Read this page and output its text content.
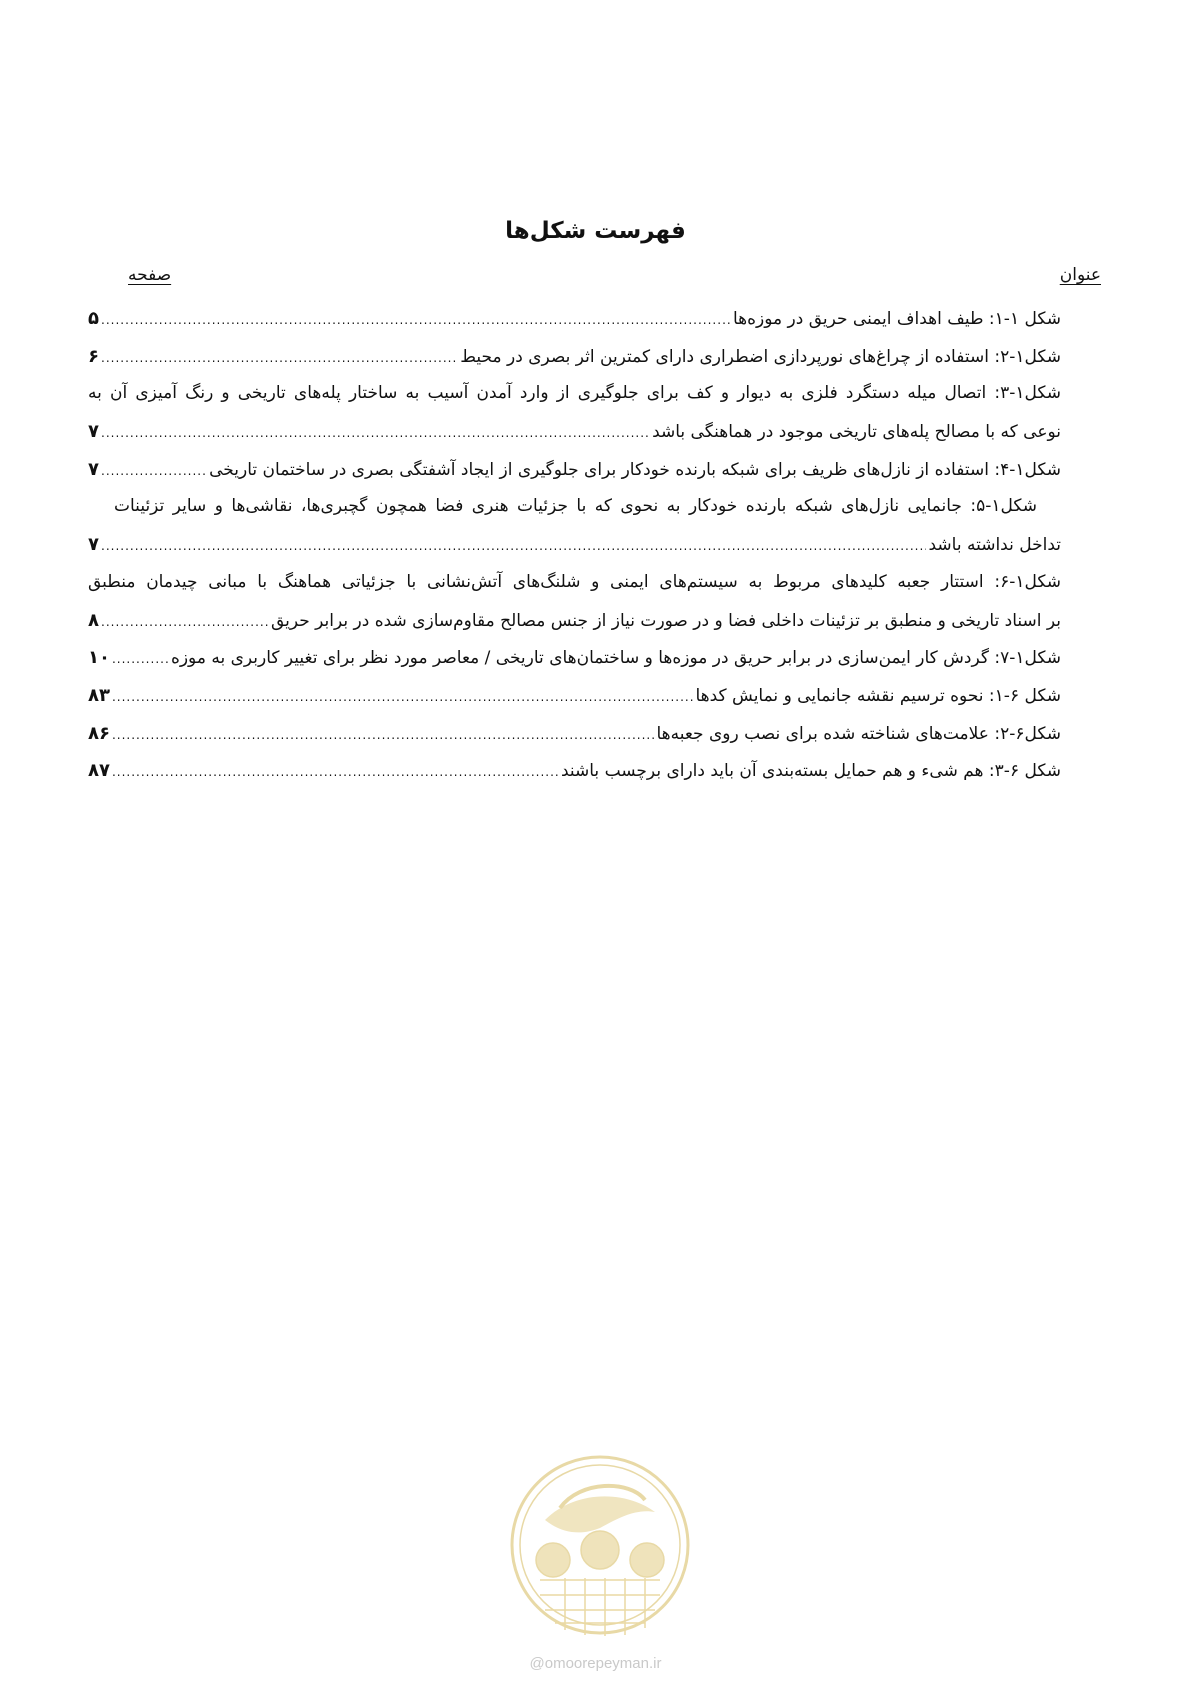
فهرست شکل‌ها
عنوان
صفحه
شکل ۱-۱: طیف اهداف ایمنی حریق در موزه‌ها
.....
۵
شکل۱-۲: استفاده از چراغ‌های نورپردازی اضطراری دارای کمترین اثر بصری در محیط
.....
۶
شکل۱-۳: اتصال میله دستگرد فلزی به دیوار و کف برای جلوگیری از وارد آمدن آسیب به ساختار پله‌های تاریخی و رنگ آمیزی آن به
نوعی که با مصالح پله‌های تاریخی موجود در هماهنگی باشد
.....
۷
شکل۱-۴: استفاده از نازل‌های ظریف برای شبکه بارنده خودکار برای جلوگیری از ایجاد آشفتگی بصری در ساختمان تاریخی
.....
۷
شکل۱-۵: جانمایی نازل‌های شبکه بارنده خودکار به نحوی که با جزئیات هنری فضا همچون گچبری‌ها، نقاشی‌ها و سایر تزئینات
تداخل نداشته باشد
.....
۷
شکل۱-۶: استتار جعبه کلیدهای مربوط به سیستم‌های ایمنی و شلنگ‌های آتش‌نشانی با جزئیاتی هماهنگ با مبانی چیدمان منطبق
بر اسناد تاریخی و منطبق بر تزئینات داخلی فضا و در صورت نیاز از جنس مصالح مقاوم‌سازی شده در برابر حریق
.....
۸
شکل۱-۷: گردش کار ایمن‌سازی در برابر حریق در موزه‌ها و ساختمان‌های تاریخی / معاصر مورد نظر برای تغییر کاربری به موزه
.....
۱۰
شکل ۶-۱: نحوه ترسیم نقشه جانمایی و نمایش کدها
.....
۸۳
شکل۶-۲: علامت‌های شناخته شده برای نصب روی جعبه‌ها
.....
۸۶
شکل ۶-۳: هم شیء و هم حمایل بسته‌بندی آن باید دارای برچسب باشند
.....
۸۷
@omoorepeyman.ir
